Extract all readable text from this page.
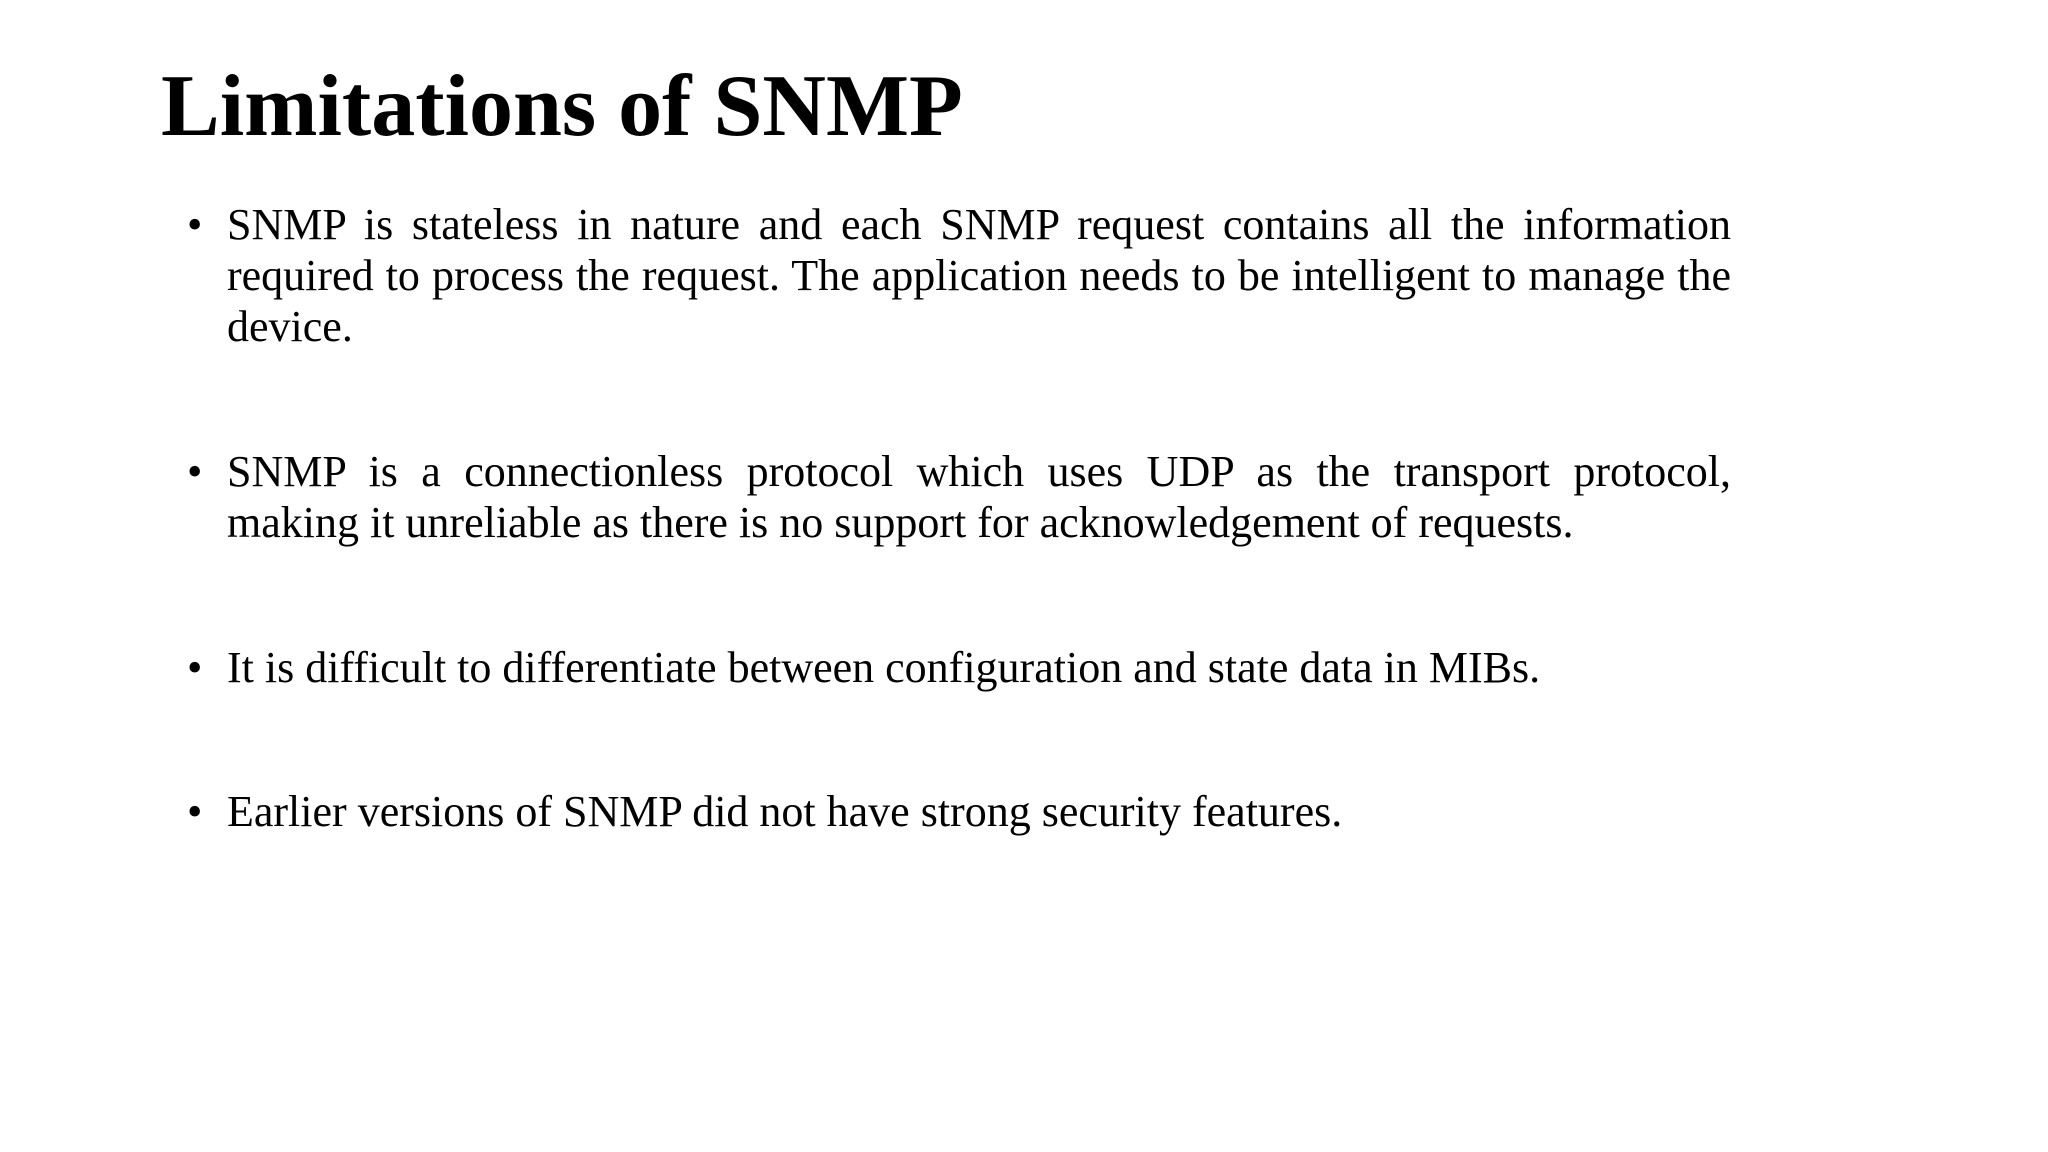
Limitations of SNMP
• SNMP is stateless in nature and each SNMP request contains all the information required to process the request. The application needs to be intelligent to manage the device.
• SNMP is a connectionless protocol which uses UDP as the transport protocol, making it unreliable as there is no support for acknowledgement of requests.
• It is difficult to differentiate between configuration and state data in MIBs.
• Earlier versions of SNMP did not have strong security features.
